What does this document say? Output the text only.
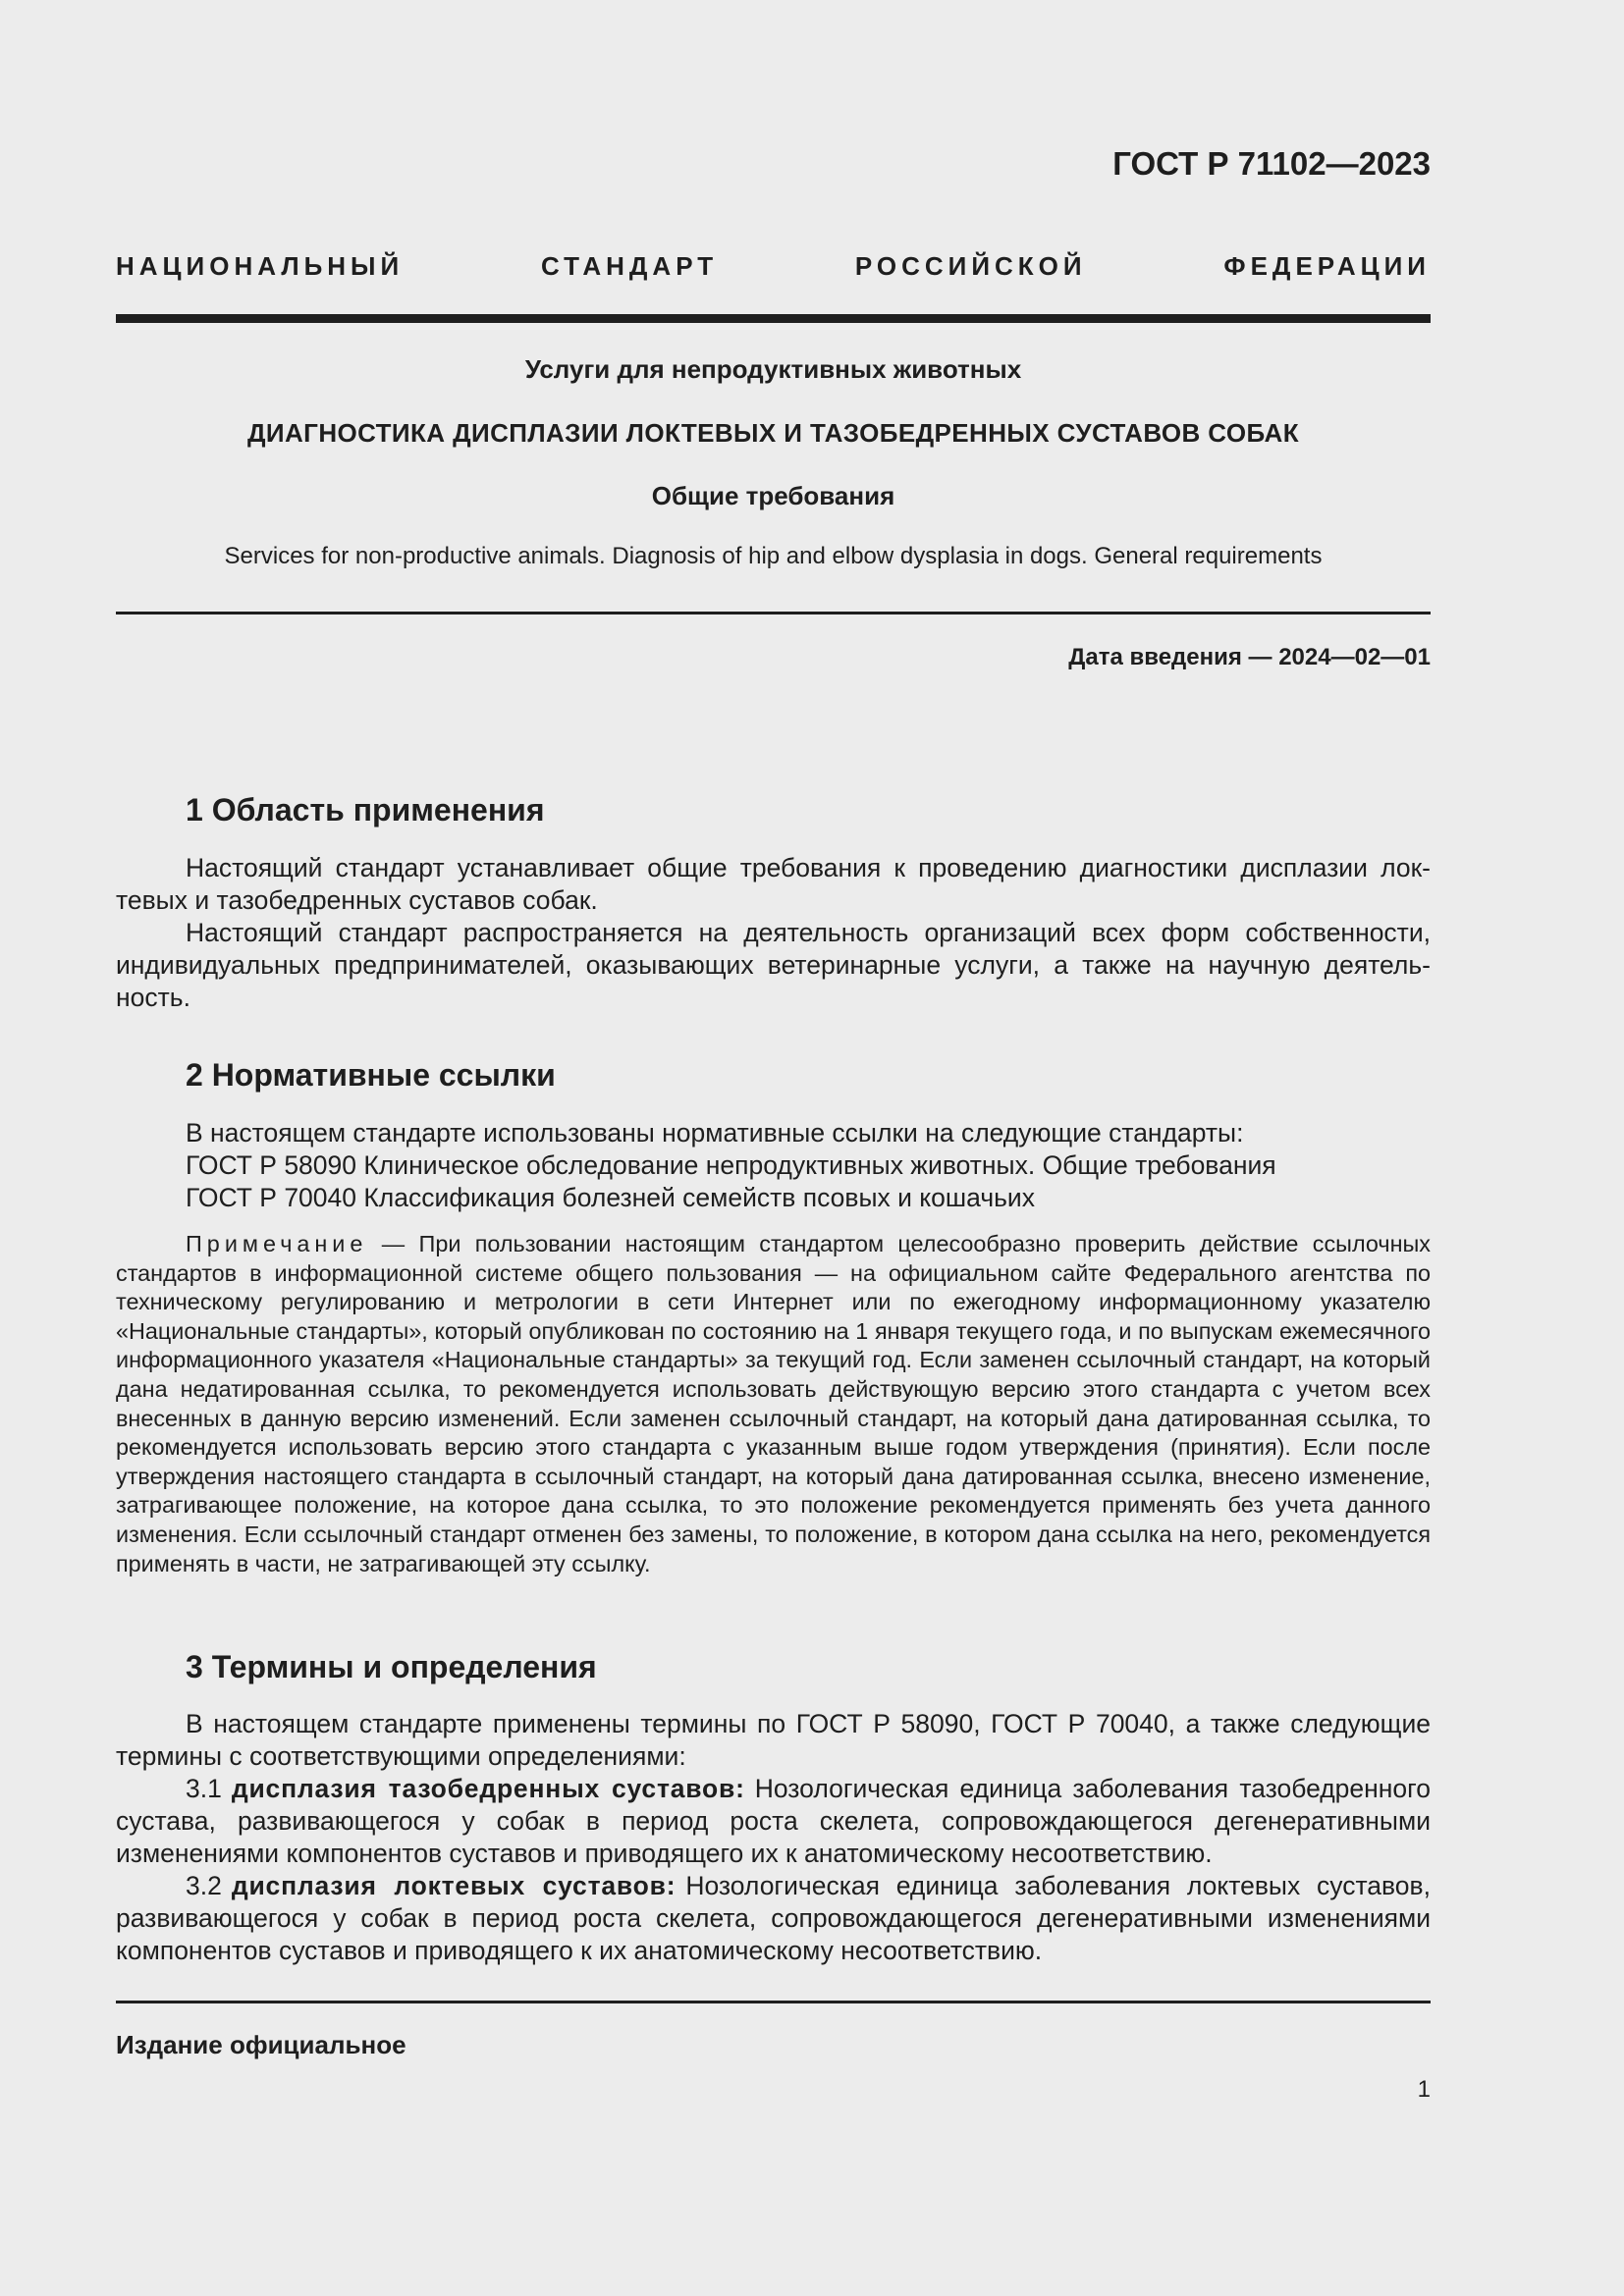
ГОСТ Р 71102—2023
НАЦИОНАЛЬНЫЙ СТАНДАРТ РОССИЙСКОЙ ФЕДЕРАЦИИ
Услуги для непродуктивных животных
ДИАГНОСТИКА ДИСПЛАЗИИ ЛОКТЕВЫХ И ТАЗОБЕДРЕННЫХ СУСТАВОВ СОБАК
Общие требования
Services for non-productive animals. Diagnosis of hip and elbow dysplasia in dogs. General requirements
Дата введения — 2024—02—01
1 Область применения

Настоящий стандарт устанавливает общие требования к проведению диагностики дисплазии локтевых и тазобедренных суставов собак.

Настоящий стандарт распространяется на деятельность организаций всех форм собственности, индивидуальных предпринимателей, оказывающих ветеринарные услуги, а также на научную деятельность.

2 Нормативные ссылки

В настоящем стандарте использованы нормативные ссылки на следующие стандарты:

ГОСТ Р 58090 Клиническое обследование непродуктивных животных. Общие требования

ГОСТ Р 70040 Классификация болезней семейств псовых и кошачьих

Примечание — При пользовании настоящим стандартом целесообразно проверить действие ссылочных стандартов в информационной системе общего пользования — на официальном сайте Федерального агентства по техническому регулированию и метрологии в сети Интернет или по ежегодному информационному указателю «Национальные стандарты», который опубликован по состоянию на 1 января текущего года, и по выпускам ежемесячного информационного указателя «Национальные стандарты» за текущий год. Если заменен ссылочный стандарт, на который дана недатированная ссылка, то рекомендуется использовать действующую версию этого стандарта с учетом всех внесенных в данную версию изменений. Если заменен ссылочный стандарт, на который дана датированная ссылка, то рекомендуется использовать версию этого стандарта с указанным выше годом утверждения (принятия). Если после утверждения настоящего стандарта в ссылочный стандарт, на который дана датированная ссылка, внесено изменение, затрагивающее положение, на которое дана ссылка, то это положение рекомендуется применять без учета данного изменения. Если ссылочный стандарт отменен без замены, то положение, в котором дана ссылка на него, рекомендуется применять в части, не затрагивающей эту ссылку.

3 Термины и определения

В настоящем стандарте применены термины по ГОСТ Р 58090, ГОСТ Р 70040, а также следующие термины с соответствующими определениями:

3.1 дисплазия тазобедренных суставов: Нозологическая единица заболевания тазобедренного сустава, развивающегося у собак в период роста скелета, сопровождающегося дегенеративными изменениями компонентов суставов и приводящего их к анатомическому несоответствию.

3.2 дисплазия локтевых суставов: Нозологическая единица заболевания локтевых суставов, развивающегося у собак в период роста скелета, сопровождающегося дегенеративными изменениями компонентов суставов и приводящего к их анатомическому несоответствию.

Издание официальное
1
